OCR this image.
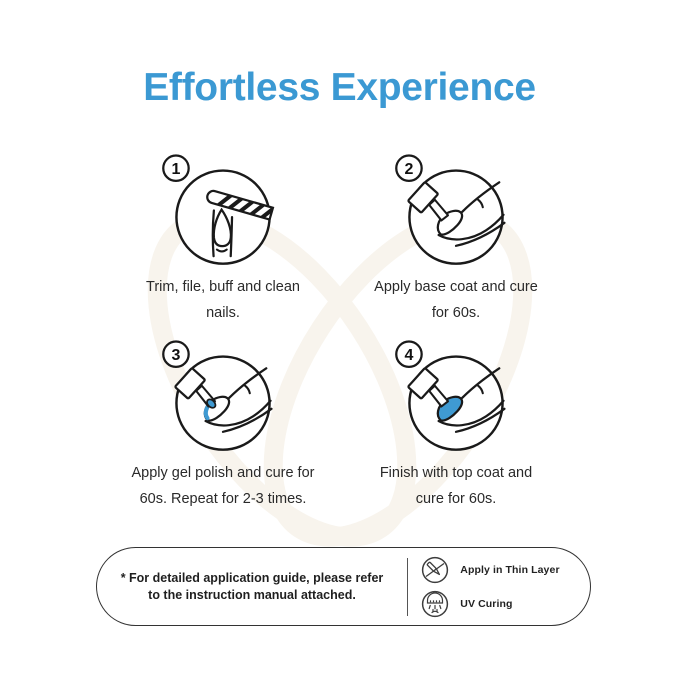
Effortless Experience
1
Trim, file, buff and clean
nails.
2
Apply base coat and cure
for 60s.
3
Apply gel polish and cure for
60s. Repeat for 2-3 times.
4
Finish with top coat and
cure for 60s.
* For detailed application guide, please refer
to the instruction manual attached.
Apply in Thin Layer
UV Curing
